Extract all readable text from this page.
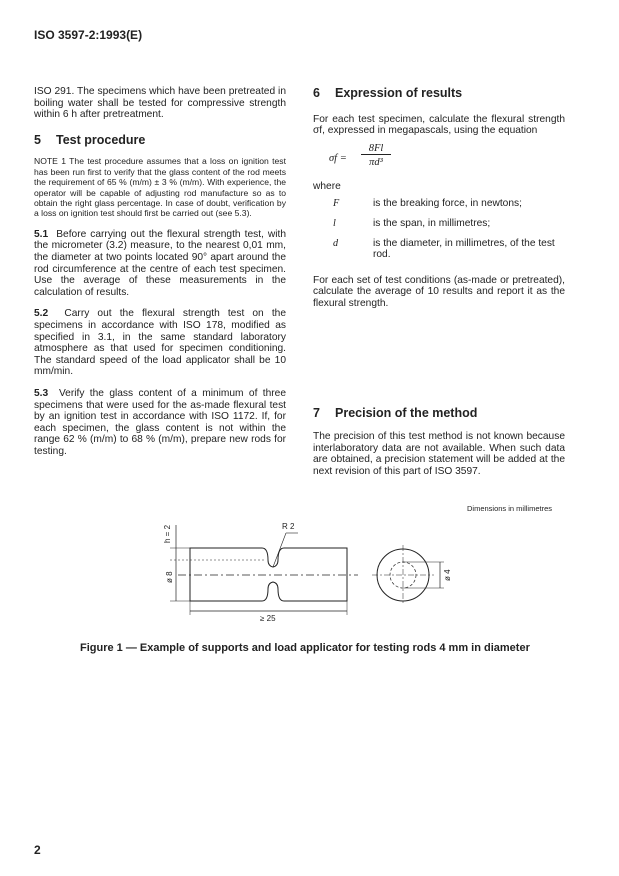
ISO 3597-2:1993(E)

ISO 291. The specimens which have been pretreated in boiling water shall be tested for compressive strength within 6 h after pretreatment.

5 Test procedure

NOTE 1 The test procedure assumes that a loss on ignition test has been run first to verify that the glass content of the rod meets the requirement of 65 % (m/m) ± 3 % (m/m). With experience, the operator will be capable of adjusting rod manufacture so as to obtain the right glass percentage. In case of doubt, verification by a loss on ignition test should first be carried out (see 5.3).

5.1 Before carrying out the flexural strength test, with the micrometer (3.2) measure, to the nearest 0,01 mm, the diameter at two points located 90° apart around the rod circumference at the centre of each test specimen. Use the average of these measurements in the calculation of results.

5.2 Carry out the flexural strength test on the specimens in accordance with ISO 178, modified as specified in 3.1, in the same standard laboratory atmosphere as that used for specimen conditioning. The standard speed of the load applicator shall be 10 mm/min.

5.3 Verify the glass content of a minimum of three specimens that were used for the as-made flexural test by an ignition test in accordance with ISO 1172. If, for each specimen, the glass content is not within the range 62 % (m/m) to 68 % (m/m), prepare new rods for testing.

6 Expression of results

For each test specimen, calculate the flexural strength σf, expressed in megapascals, using the equation

σf =
8Fl
πd³

where

F	is the breaking force, in newtons;
l	is the span, in millimetres;
d	is the diameter, in millimetres, of the test rod.

For each set of test conditions (as-made or pretreated), calculate the average of 10 results and report it as the flexural strength.

7 Precision of the method

The precision of this test method is not known because interlaboratory data are not available. When such data are obtained, a precision statement will be added at the next revision of this part of ISO 3597.

Dimensions in millimetres
R 2
h = 2
ø 8
≥ 25
ø 4
Figure 1 — Example of supports and load applicator for testing rods 4 mm in diameter
2
